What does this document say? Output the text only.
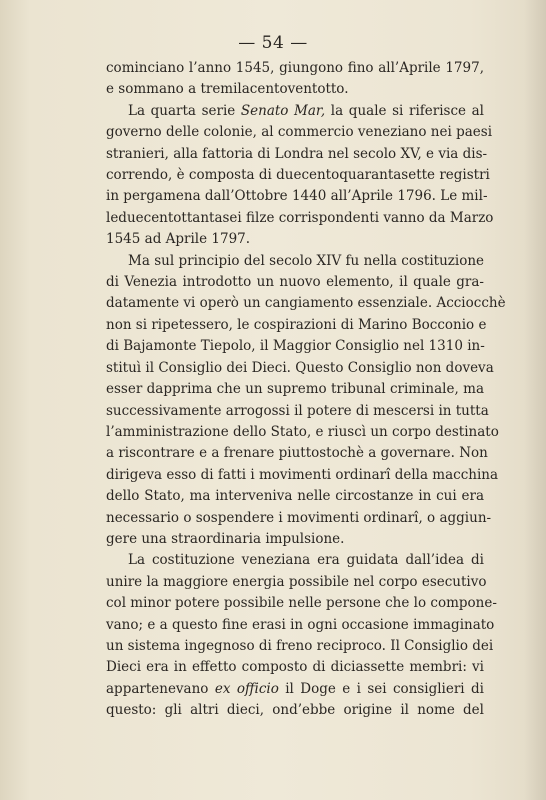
— 54 —
cominciano l’anno 1545, giungono fino all’Aprile 1797,
e sommano a tremilacentoventotto.
La quarta serie Senato Mar, la quale si riferisce al
governo delle colonie, al commercio veneziano nei paesi
stranieri, alla fattoria di Londra nel secolo XV, e via dis-
correndo, è composta di duecentoquarantasette registri
in pergamena dall’Ottobre 1440 all’Aprile 1796. Le mil-
leduecentottantasei filze corrispondenti vanno da Marzo
1545 ad Aprile 1797.
Ma sul principio del secolo XIV fu nella costituzione
di Venezia introdotto un nuovo elemento, il quale gra-
datamente vi operò un cangiamento essenziale. Acciocchè
non si ripetessero, le cospirazioni di Marino Bocconio e
di Bajamonte Tiepolo, il Maggior Consiglio nel 1310 in-
stituì il Consiglio dei Dieci. Questo Consiglio non doveva
esser dapprima che un supremo tribunal criminale, ma
successivamente arrogossi il potere di mescersi in tutta
l’amministrazione dello Stato, e riuscì un corpo destinato
a riscontrare e a frenare piuttostochè a governare. Non
dirigeva esso di fatti i movimenti ordinarî della macchina
dello Stato, ma interveniva nelle circostanze in cui era
necessario o sospendere i movimenti ordinarî, o aggiun-
gere una straordinaria impulsione.
La costituzione veneziana era guidata dall’idea di
unire la maggiore energia possibile nel corpo esecutivo
col minor potere possibile nelle persone che lo compone-
vano; e a questo fine erasi in ogni occasione immaginato
un sistema ingegnoso di freno reciproco. Il Consiglio dei
Dieci era in effetto composto di diciassette membri: vi
appartenevano ex officio il Doge e i sei consiglieri di
questo: gli altri dieci, ond’ebbe origine il nome del
